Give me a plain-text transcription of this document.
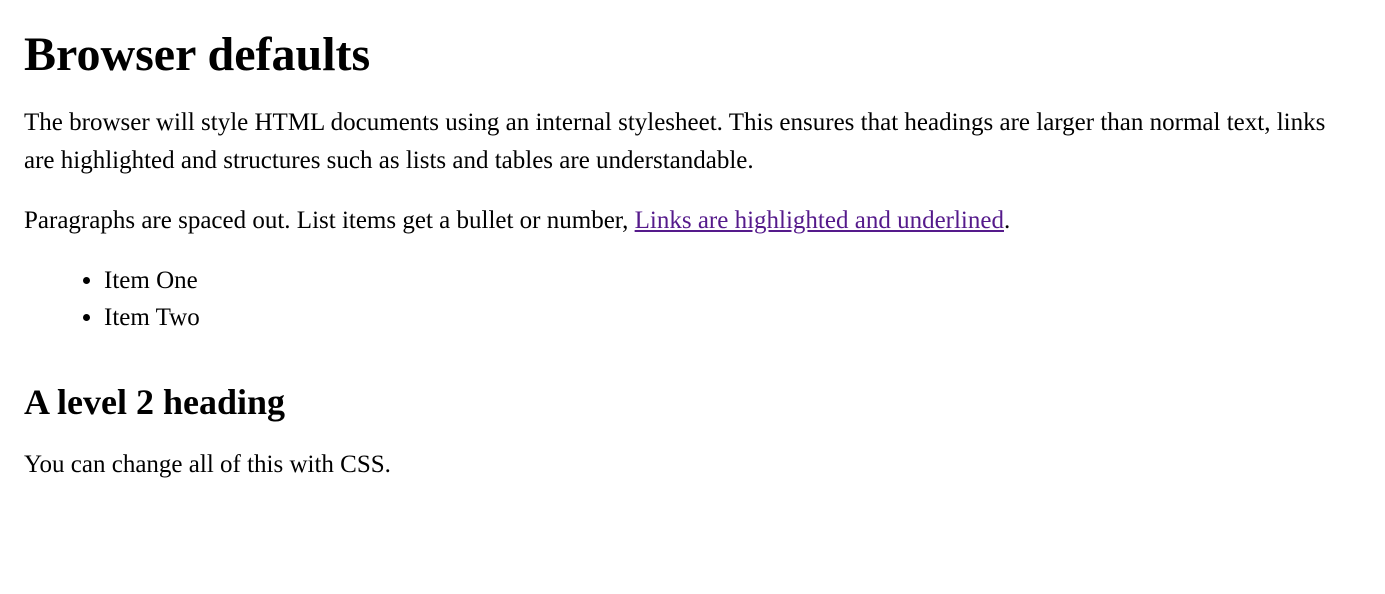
Browser defaults

The browser will style HTML documents using an internal stylesheet. This ensures that headings are larger than normal text, links are highlighted and structures such as lists and tables are understandable.

Paragraphs are spaced out. List items get a bullet or number, Links are highlighted and underlined.

• Item One
• Item Two
A level 2 heading

You can change all of this with CSS.
